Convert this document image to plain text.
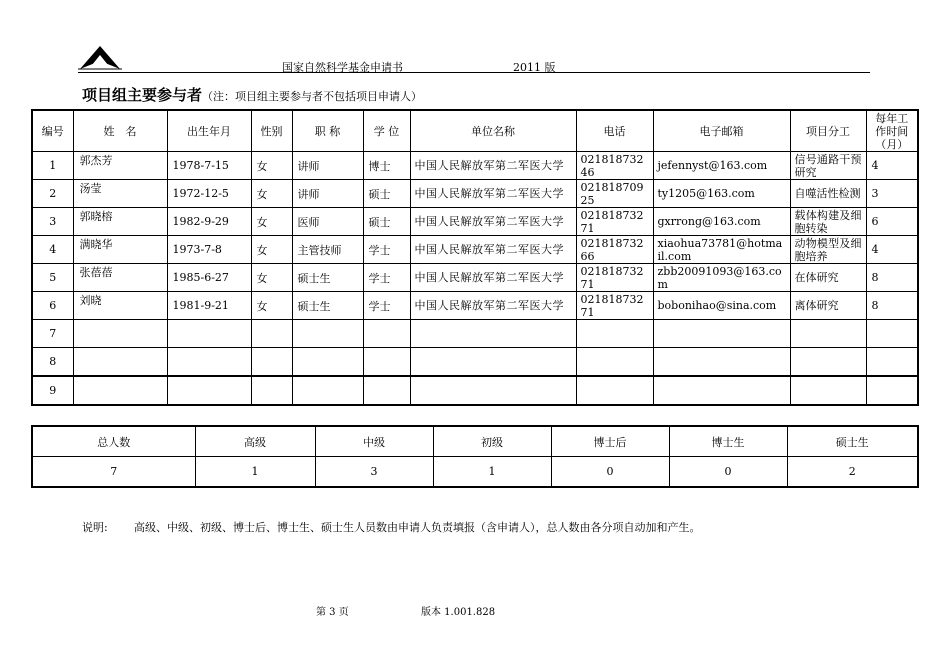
国家自然科学基金申请书	2011 版
项目组主要参与者（注：项目组主要参与者不包括项目申请人）
编号	姓　名	出生年月	性别	职 称	学 位	单位名称	电话	电子邮箱	项目分工	每年工作时间（月）
1	郭杰芳	1978-7-15	女	讲师	博士	中国人民解放军第二军医大学	02181873246	jefennyst@163.com	信号通路干预研究	4
2	汤莹	1972-12-5	女	讲师	硕士	中国人民解放军第二军医大学	02181870925	ty1205@163.com	自噬活性检测	3
3	郭晓榕	1982-9-29	女	医师	硕士	中国人民解放军第二军医大学	02181873271	gxrrong@163.com	载体构建及细胞转染	6
4	满晓华	1973-7-8	女	主管技师	学士	中国人民解放军第二军医大学	02181873266	xiaohua73781@hotmail.com	动物模型及细胞培养	4
5	张蓓蓓	1985-6-27	女	硕士生	学士	中国人民解放军第二军医大学	02181873271	zbb20091093@163.com	在体研究	8
6	刘晓	1981-9-21	女	硕士生	学士	中国人民解放军第二军医大学	02181873271	bobonihao@sina.com	离体研究	8
7										
8										
9										
总人数	高级	中级	初级	博士后	博士生	硕士生
7	1	3	1	0	0	2
说明: 高级、中级、初级、博士后、博士生、硕士生人员数由申请人负责填报（含申请人），总人数由各分项自动加和产生。
第 3 页	版本 1.001.828
